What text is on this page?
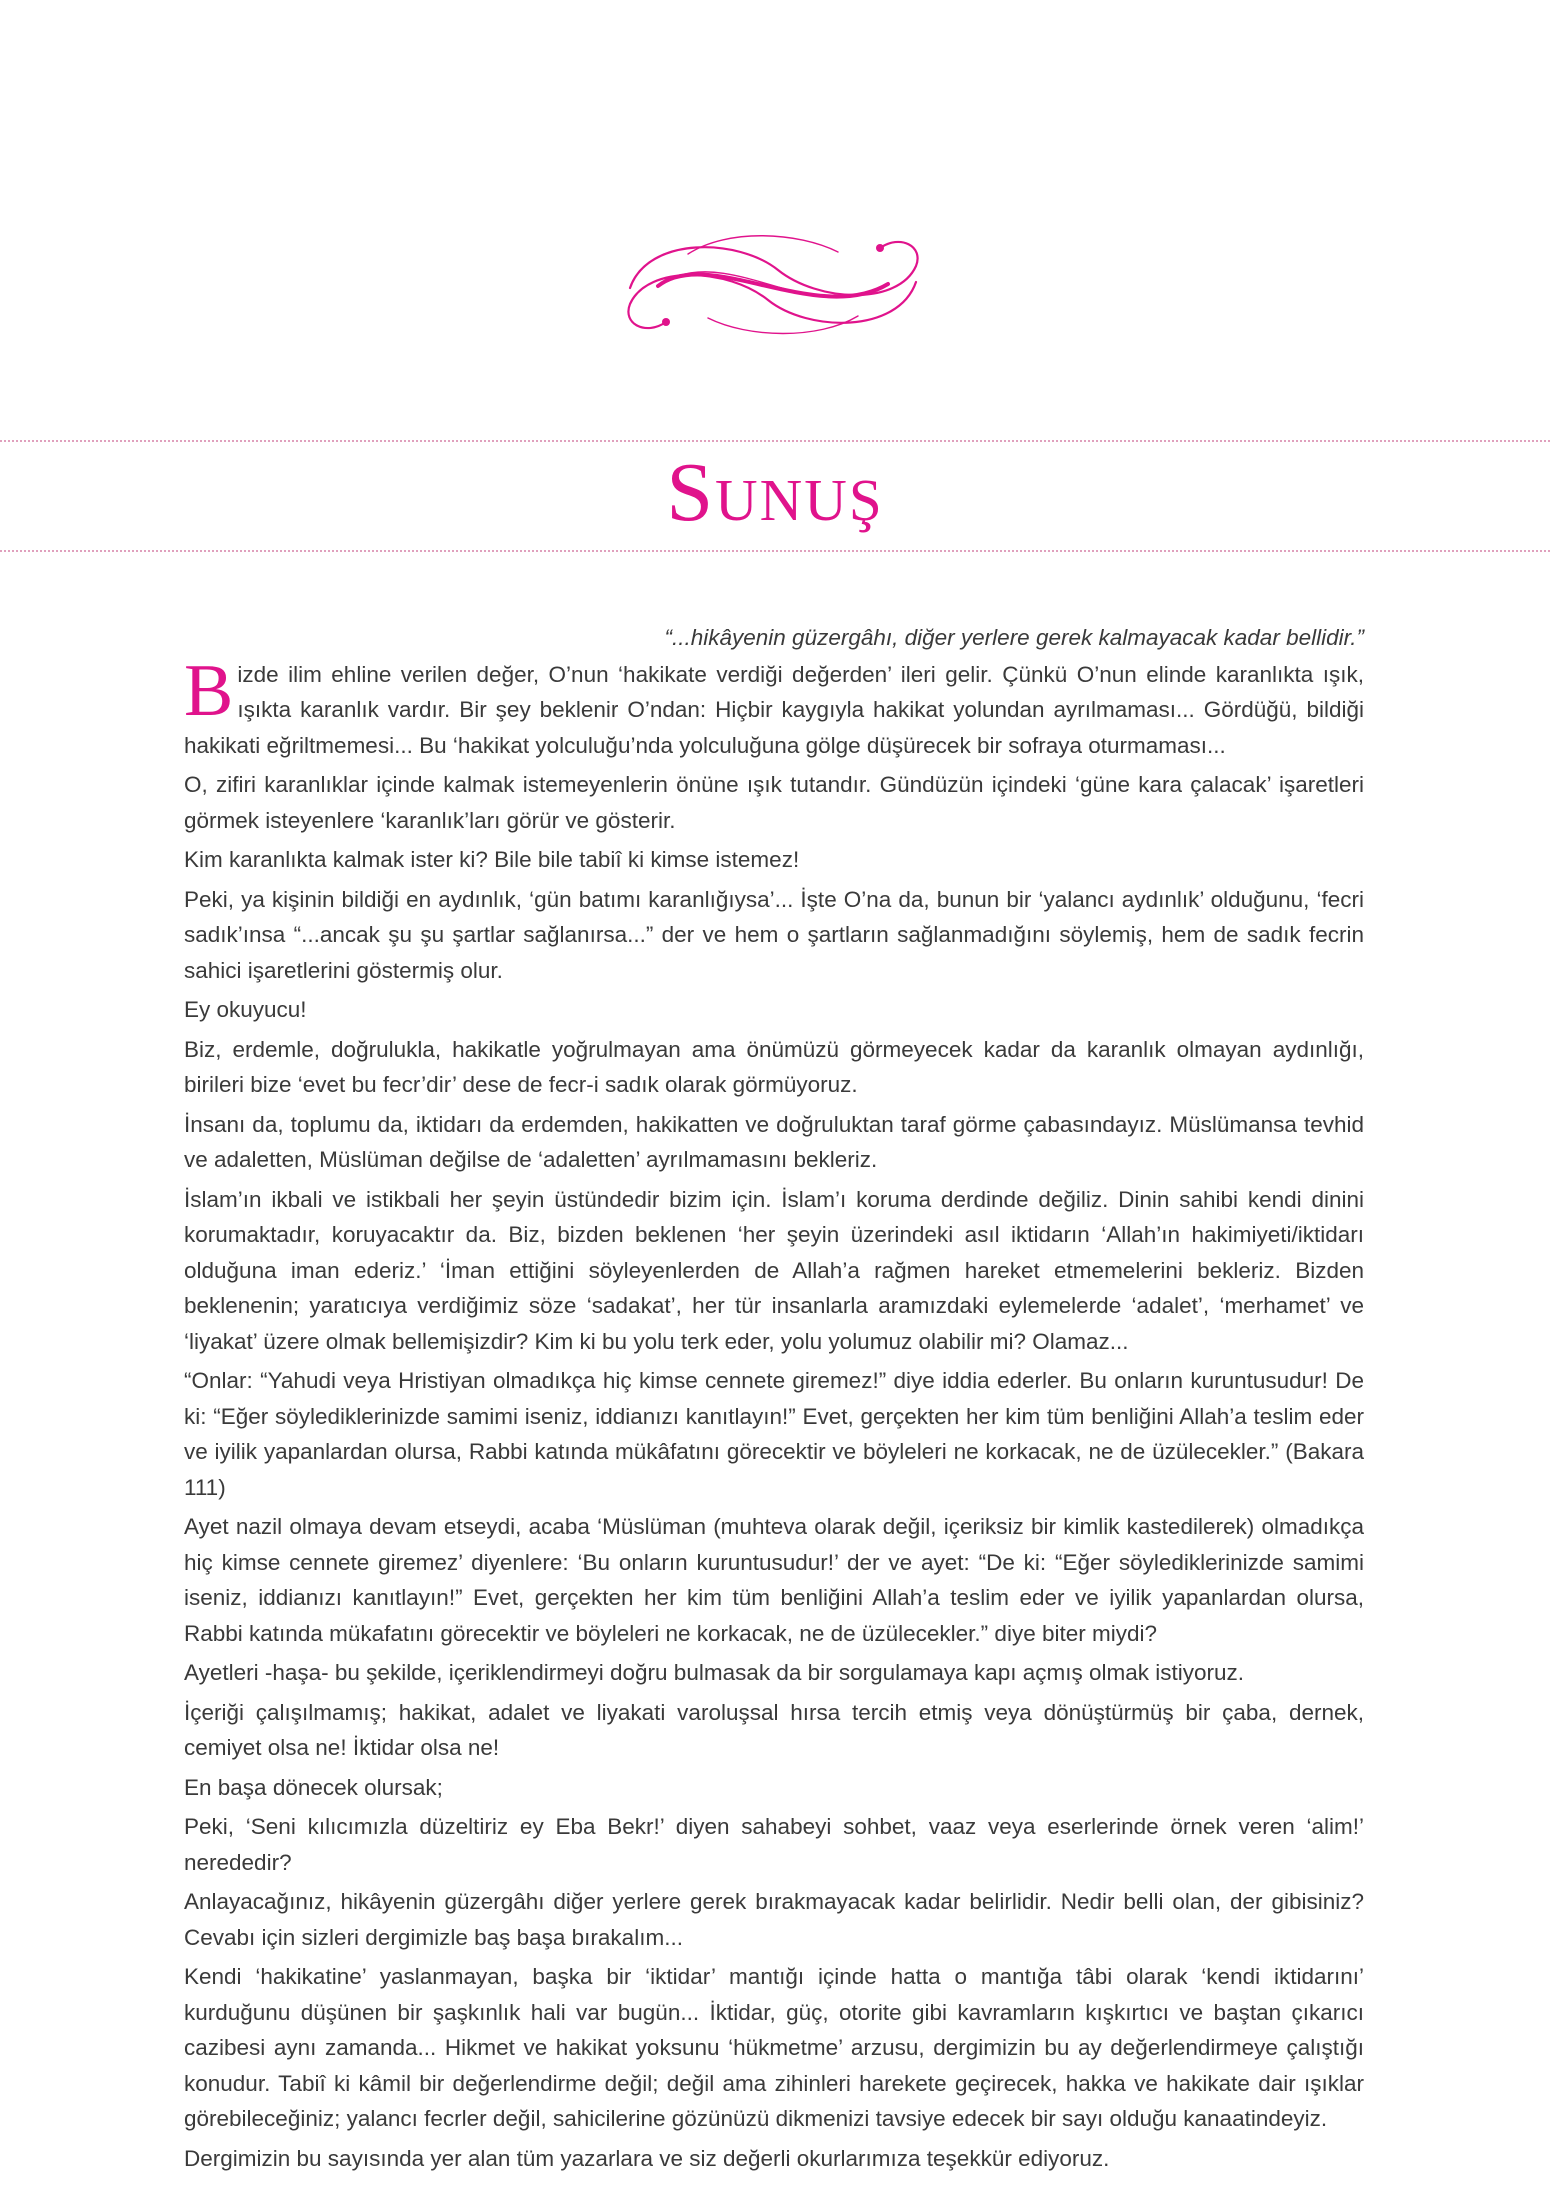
Sunuş
“...hikâyenin güzergâhı, diğer yerlere gerek kalmayacak kadar bellidir.”

Bizde ilim ehline verilen değer, O’nun ‘hakikate verdiği değerden’ ileri gelir. Çünkü O’nun elinde karanlıkta ışık, ışıkta karanlık vardır. Bir şey beklenir O’ndan: Hiçbir kaygıyla hakikat yolundan ayrılmaması... Gördüğü, bildiği hakikati eğriltmemesi... Bu ‘hakikat yolculuğu’nda yolculuğuna gölge düşürecek bir sofraya oturmaması...

O, zifiri karanlıklar içinde kalmak istemeyenlerin önüne ışık tutandır. Gündüzün içindeki ‘güne kara çalacak’ işaretleri görmek isteyenlere ‘karanlık’ları görür ve gösterir.

Kim karanlıkta kalmak ister ki? Bile bile tabiî ki kimse istemez!

Peki, ya kişinin bildiği en aydınlık, ‘gün batımı karanlığıysa’... İşte O’na da, bunun bir ‘yalancı aydınlık’ olduğunu, ‘fecri sadık’ınsa “...ancak şu şu şartlar sağlanırsa...” der ve hem o şartların sağlanmadığını söylemiş, hem de sadık fecrin sahici işaretlerini göstermiş olur.

Ey okuyucu!

Biz, erdemle, doğrulukla, hakikatle yoğrulmayan ama önümüzü görmeyecek kadar da karanlık olmayan aydınlığı, birileri bize ‘evet bu fecr’dir’ dese de fecr-i sadık olarak görmüyoruz.

İnsanı da, toplumu da, iktidarı da erdemden, hakikatten ve doğruluktan taraf görme çabasındayız. Müslümansa tevhid ve adaletten, Müslüman değilse de ‘adaletten’ ayrılmamasını bekleriz.

İslam’ın ikbali ve istikbali her şeyin üstündedir bizim için. İslam’ı koruma derdinde değiliz. Dinin sahibi kendi dinini korumaktadır, koruyacaktır da. Biz, bizden beklenen ‘her şeyin üzerindeki asıl iktidarın ‘Allah’ın hakimiyeti/iktidarı olduğuna iman ederiz.’ ‘İman ettiğini söyleyenlerden de Allah’a rağmen hareket etmemelerini bekleriz. Bizden beklenenin; yaratıcıya verdiğimiz söze ‘sadakat’, her tür insanlarla aramızdaki eylemelerde ‘adalet’, ‘merhamet’ ve ‘liyakat’ üzere olmak bellemişizdir? Kim ki bu yolu terk eder, yolu yolumuz olabilir mi? Olamaz...

“Onlar: “Yahudi veya Hristiyan olmadıkça hiç kimse cennete giremez!” diye iddia ederler. Bu onların kuruntusudur! De ki: “Eğer söylediklerinizde samimi iseniz, iddianızı kanıtlayın!” Evet, gerçekten her kim tüm benliğini Allah’a teslim eder ve iyilik yapanlardan olursa, Rabbi katında mükâfatını görecektir ve böyleleri ne korkacak, ne de üzülecekler.” (Bakara 111)

Ayet nazil olmaya devam etseydi, acaba ‘Müslüman (muhteva olarak değil, içeriksiz bir kimlik kastedilerek) olmadıkça hiç kimse cennete giremez’ diyenlere: ‘Bu onların kuruntusudur!’ der ve ayet: “De ki: “Eğer söylediklerinizde samimi iseniz, iddianızı kanıtlayın!” Evet, gerçekten her kim tüm benliğini Allah’a teslim eder ve iyilik yapanlardan olursa, Rabbi katında mükafatını görecektir ve böyleleri ne korkacak, ne de üzülecekler.” diye biter miydi?

Ayetleri -haşa- bu şekilde, içeriklendirmeyi doğru bulmasak da bir sorgulamaya kapı açmış olmak istiyoruz.

İçeriği çalışılmamış; hakikat, adalet ve liyakati varoluşsal hırsa tercih etmiş veya dönüştürmüş bir çaba, dernek, cemiyet olsa ne! İktidar olsa ne!

En başa dönecek olursak;

Peki, ‘Seni kılıcımızla düzeltiriz ey Eba Bekr!’ diyen sahabeyi sohbet, vaaz veya eserlerinde örnek veren ‘alim!’ nerededir?

Anlayacağınız, hikâyenin güzergâhı diğer yerlere gerek bırakmayacak kadar belirlidir. Nedir belli olan, der gibisiniz? Cevabı için sizleri dergimizle baş başa bırakalım...

Kendi ‘hakikatine’ yaslanmayan, başka bir ‘iktidar’ mantığı içinde hatta o mantığa tâbi olarak ‘kendi iktidarını’ kurduğunu düşünen bir şaşkınlık hali var bugün... İktidar, güç, otorite gibi kavramların kışkırtıcı ve baştan çıkarıcı cazibesi aynı zamanda... Hikmet ve hakikat yoksunu ‘hükmetme’ arzusu, dergimizin bu ay değerlendirmeye çalıştığı konudur. Tabiî ki kâmil bir değerlendirme değil; değil ama zihinleri harekete geçirecek, hakka ve hakikate dair ışıklar görebileceğiniz; yalancı fecrler değil, sahicilerine gözünüzü dikmenizi tavsiye edecek bir sayı olduğu kanaatindeyiz.

Dergimizin bu sayısında yer alan tüm yazarlara ve siz değerli okurlarımıza teşekkür ediyoruz.
